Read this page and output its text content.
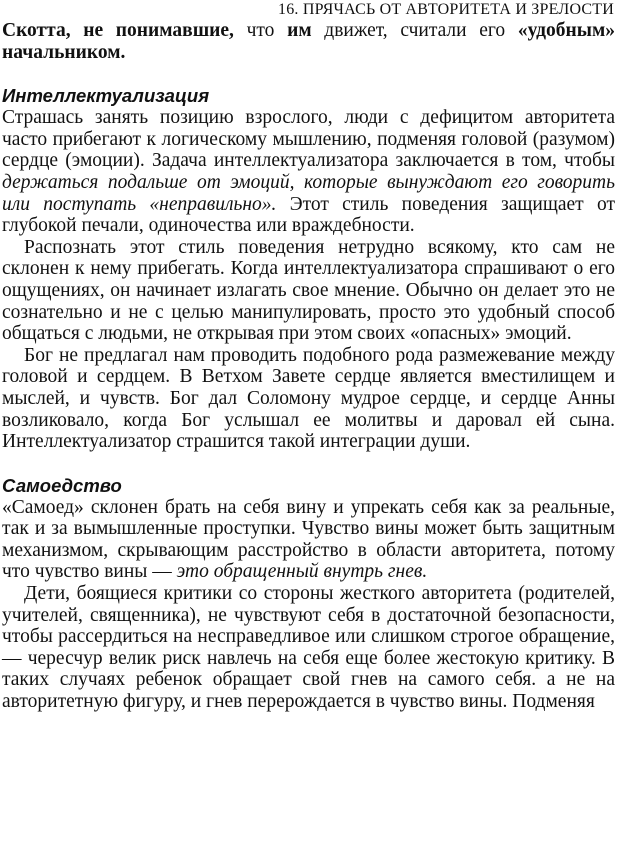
16. ПРЯЧАСЬ ОТ АВТОРИТЕТА И ЗРЕЛОСТИ

Скотта, не понимавшие, что им движет, считали его «удобным» начальником.

Интеллектуализация

Страшась занять позицию взрослого, люди с дефицитом авторитета часто прибегают к логическому мышлению, подменяя головой (разумом) сердце (эмоции). Задача интеллектуализатора заключается в том, чтобы держаться подальше от эмоций, которые вынуждают его говорить или поступать «неправильно». Этот стиль поведения защищает от глубокой печали, одиночества или враждебности.

Распознать этот стиль поведения нетрудно всякому, кто сам не склонен к нему прибегать. Когда интеллектуализатора спрашивают о его ощущениях, он начинает излагать свое мнение. Обычно он делает это не сознательно и не с целью манипулировать, просто это удобный способ общаться с людьми, не открывая при этом своих «опасных» эмоций.

Бог не предлагал нам проводить подобного рода размежевание между головой и сердцем. В Ветхом Завете сердце является вместилищем и мыслей, и чувств. Бог дал Соломону мудрое сердце, и сердце Анны возликовало, когда Бог услышал ее молитвы и даровал ей сына. Интеллектуализатор страшится такой интеграции души.

Самоедство

«Самоед» склонен брать на себя вину и упрекать себя как за реальные, так и за вымышленные проступки. Чувство вины может быть защитным механизмом, скрывающим расстройство в области авторитета, потому что чувство вины — это обращенный внутрь гнев.

Дети, боящиеся критики со стороны жесткого авторитета (родителей, учителей, священника), не чувствуют себя в достаточной безопасности, чтобы рассердиться на несправедливое или слишком строгое обращение, — чересчур велик риск навлечь на себя еще более жестокую критику. В таких случаях ребенок обращает свой гнев на самого себя. а не на авторитетную фигуру, и гнев перерождается в чувство вины. Подменяя
